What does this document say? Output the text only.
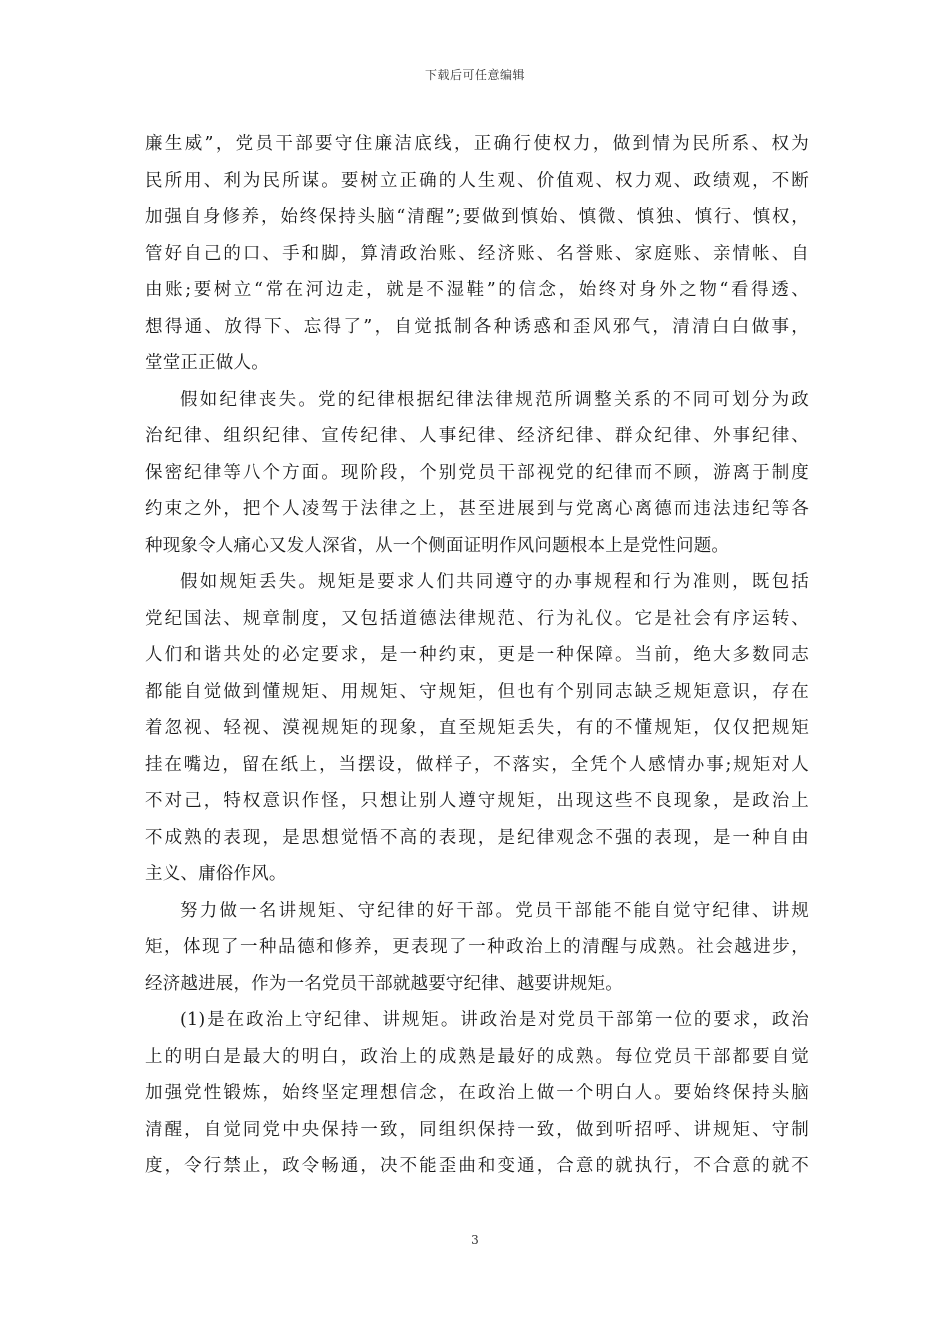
下载后可任意编辑
廉生威”，党员干部要守住廉洁底线，正确行使权力，做到情为民所系、权为
民所用、利为民所谋。要树立正确的人生观、价值观、权力观、政绩观，不断
加强自身修养，始终保持头脑“清醒”;要做到慎始、慎微、慎独、慎行、慎权，
管好自己的口、手和脚，算清政治账、经济账、名誉账、家庭账、亲情帐、自
由账;要树立“常在河边走，就是不湿鞋”的信念，始终对身外之物“看得透、
想得通、放得下、忘得了”，自觉抵制各种诱惑和歪风邪气，清清白白做事，
堂堂正正做人。
假如纪律丧失。党的纪律根据纪律法律规范所调整关系的不同可划分为政
治纪律、组织纪律、宣传纪律、人事纪律、经济纪律、群众纪律、外事纪律、
保密纪律等八个方面。现阶段，个别党员干部视党的纪律而不顾，游离于制度
约束之外，把个人凌驾于法律之上，甚至进展到与党离心离德而违法违纪等各
种现象令人痛心又发人深省，从一个侧面证明作风问题根本上是党性问题。
假如规矩丢失。规矩是要求人们共同遵守的办事规程和行为准则，既包括
党纪国法、规章制度，又包括道德法律规范、行为礼仪。它是社会有序运转、
人们和谐共处的必定要求，是一种约束，更是一种保障。当前，绝大多数同志
都能自觉做到懂规矩、用规矩、守规矩，但也有个别同志缺乏规矩意识，存在
着忽视、轻视、漠视规矩的现象，直至规矩丢失，有的不懂规矩，仅仅把规矩
挂在嘴边，留在纸上，当摆设，做样子，不落实，全凭个人感情办事;规矩对人
不对己，特权意识作怪，只想让别人遵守规矩，出现这些不良现象，是政治上
不成熟的表现，是思想觉悟不高的表现，是纪律观念不强的表现，是一种自由
主义、庸俗作风。
努力做一名讲规矩、守纪律的好干部。党员干部能不能自觉守纪律、讲规
矩，体现了一种品德和修养，更表现了一种政治上的清醒与成熟。社会越进步，
经济越进展，作为一名党员干部就越要守纪律、越要讲规矩。
(1)是在政治上守纪律、讲规矩。讲政治是对党员干部第一位的要求，政治
上的明白是最大的明白，政治上的成熟是最好的成熟。每位党员干部都要自觉
加强党性锻炼，始终坚定理想信念，在政治上做一个明白人。要始终保持头脑
清醒，自觉同党中央保持一致，同组织保持一致，做到听招呼、讲规矩、守制
度，令行禁止，政令畅通，决不能歪曲和变通，合意的就执行，不合意的就不
3
